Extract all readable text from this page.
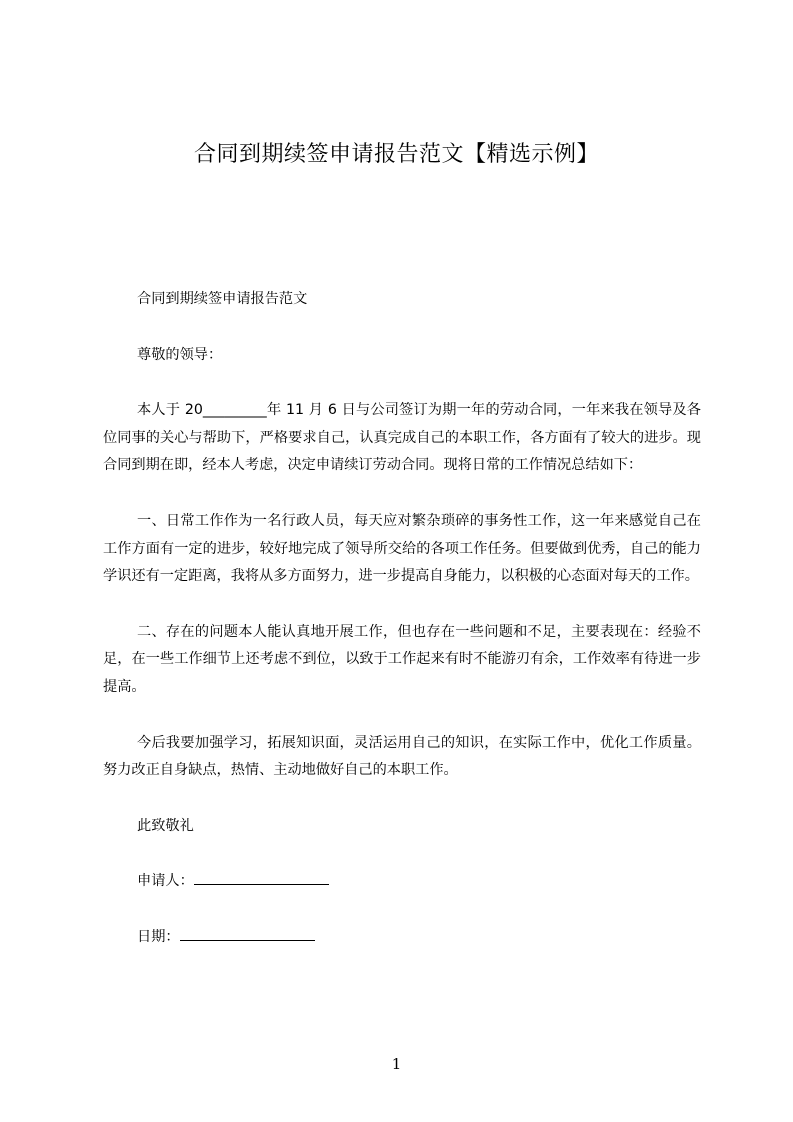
合同到期续签申请报告范文【精选示例】

合同到期续签申请报告范文

尊敬的领导：

本人于 20_________年 11 月 6 日与公司签订为期一年的劳动合同，一年来我在领导及各位同事的关心与帮助下，严格要求自己，认真完成自己的本职工作，各方面有了较大的进步。现合同到期在即，经本人考虑，决定申请续订劳动合同。现将日常的工作情况总结如下：

一、日常工作作为一名行政人员，每天应对繁杂琐碎的事务性工作，这一年来感觉自己在工作方面有一定的进步，较好地完成了领导所交给的各项工作任务。但要做到优秀，自己的能力学识还有一定距离，我将从多方面努力，进一步提高自身能力，以积极的心态面对每天的工作。

二、存在的问题本人能认真地开展工作，但也存在一些问题和不足，主要表现在：经验不足，在一些工作细节上还考虑不到位，以致于工作起来有时不能游刃有余，工作效率有待进一步提高。

今后我要加强学习，拓展知识面，灵活运用自己的知识，在实际工作中，优化工作质量。努力改正自身缺点，热情、主动地做好自己的本职工作。

此致敬礼

申请人：

日期：

1
